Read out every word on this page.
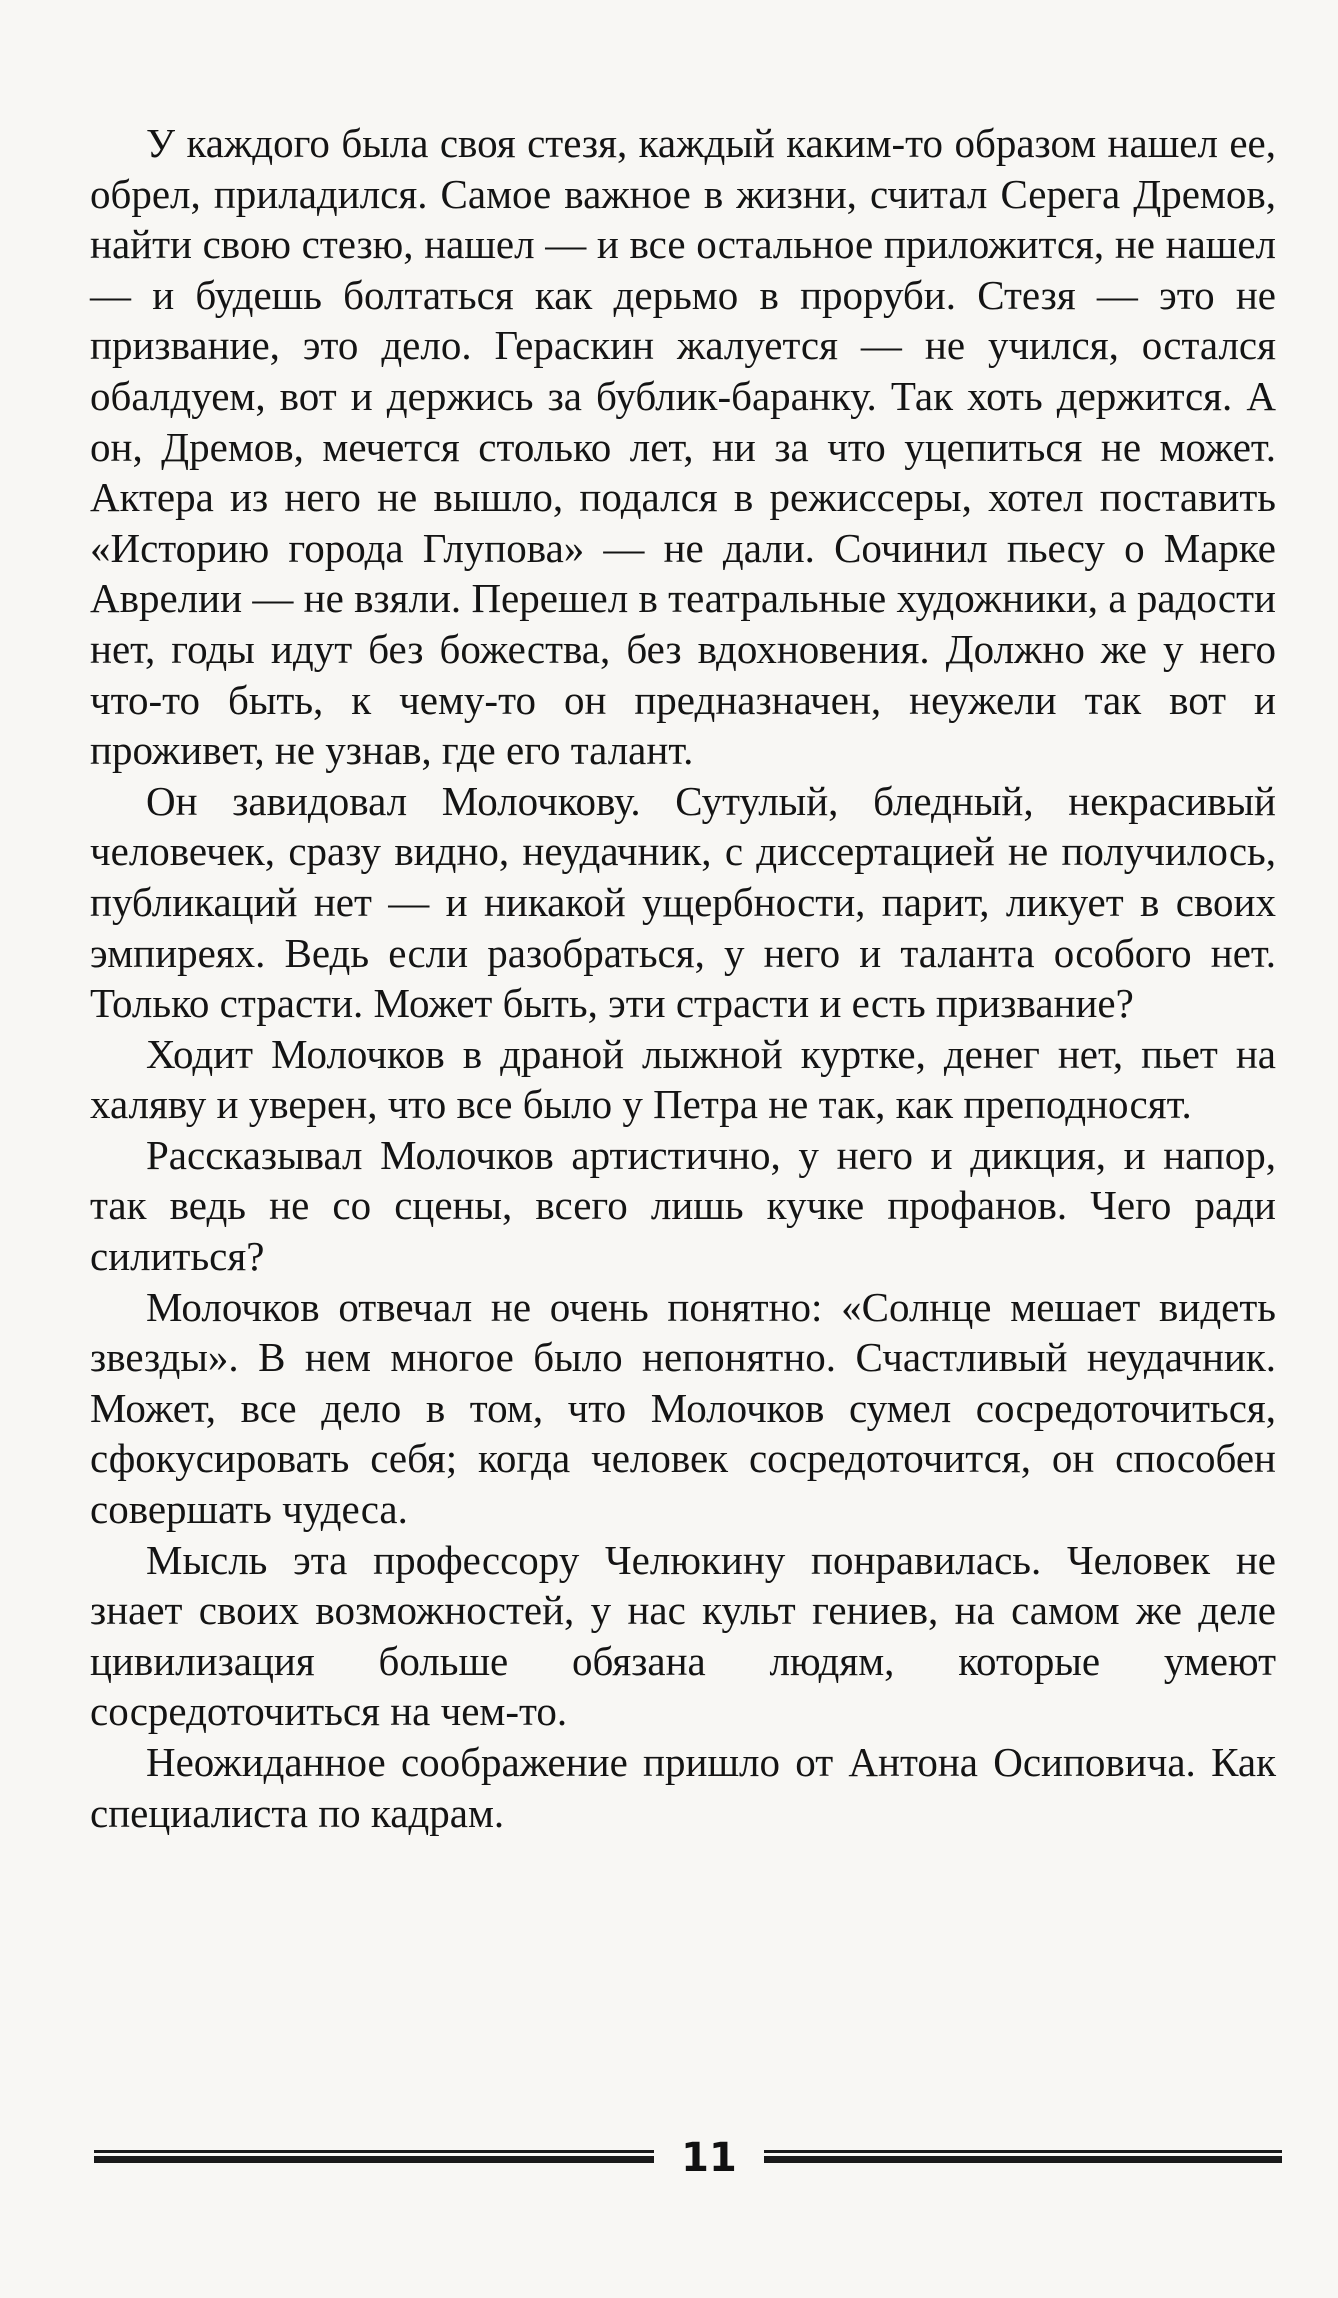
У каждого была своя стезя, каждый каким-то образом нашел ее, обрел, приладился. Самое важное в жизни, считал Серега Дремов, найти свою стезю, нашел — и все остальное приложится, не нашел — и будешь болтаться как дерьмо в проруби. Стезя — это не призвание, это дело. Гераскин жалуется — не учился, остался обалдуем, вот и держись за бублик-баранку. Так хоть держится. А он, Дремов, мечется столько лет, ни за что уцепиться не может. Актера из него не вышло, подался в режиссеры, хотел поставить «Историю города Глупова» — не дали. Сочинил пьесу о Марке Аврелии — не взяли. Перешел в театральные художники, а радости нет, годы идут без божества, без вдохновения. Должно же у него что-то быть, к чему-то он предназначен, неужели так вот и проживет, не узнав, где его талант.

Он завидовал Молочкову. Сутулый, бледный, некрасивый человечек, сразу видно, неудачник, с диссертацией не получилось, публикаций нет — и никакой ущербности, парит, ликует в своих эмпиреях. Ведь если разобраться, у него и таланта особого нет. Только страсти. Может быть, эти страсти и есть призвание?

Ходит Молочков в драной лыжной куртке, денег нет, пьет на халяву и уверен, что все было у Петра не так, как преподносят.

Рассказывал Молочков артистично, у него и дикция, и напор, так ведь не со сцены, всего лишь кучке профанов. Чего ради силиться?

Молочков отвечал не очень понятно: «Солнце мешает видеть звезды». В нем многое было непонятно. Счастливый неудачник. Может, все дело в том, что Молочков сумел сосредоточиться, сфокусировать себя; когда человек сосредоточится, он способен совершать чудеса.

Мысль эта профессору Челюкину понравилась. Человек не знает своих возможностей, у нас культ гениев, на самом же деле цивилизация больше обязана людям, которые умеют сосредоточиться на чем-то.

Неожиданное соображение пришло от Антона Осиповича. Как специалиста по кадрам.

11
